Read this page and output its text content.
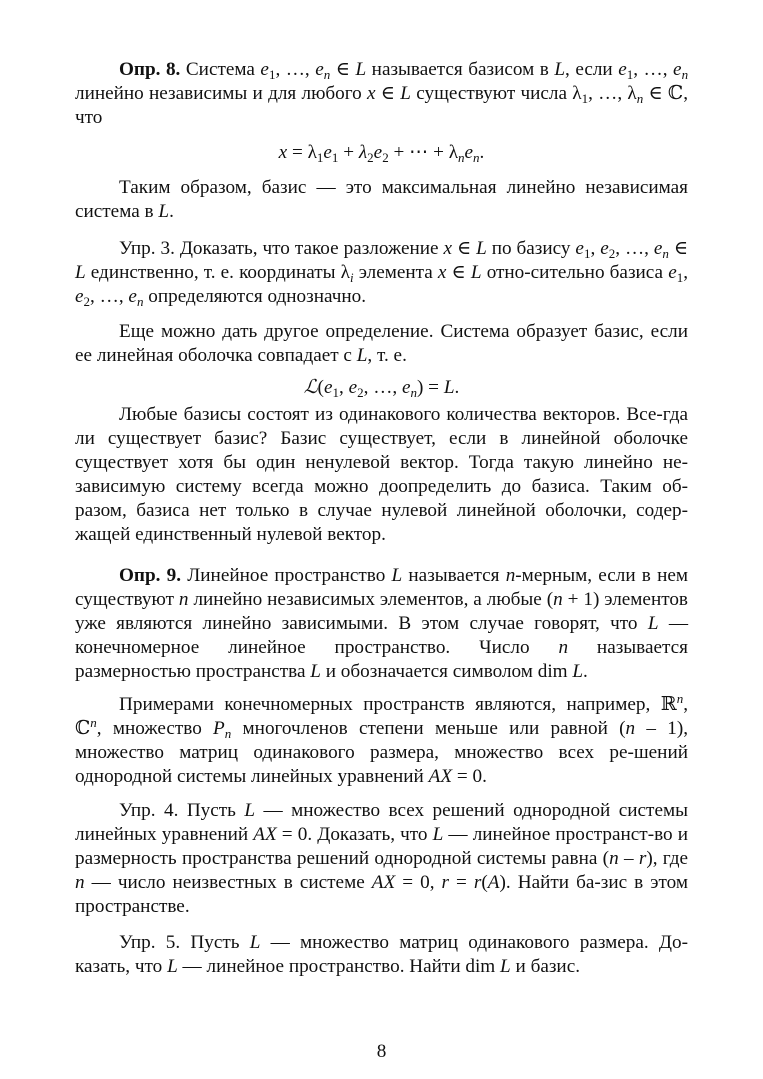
Опр. 8. Система $e_1$, …, $e_n$ ∈ L называется базисом в L, если $e_1$, …, $e_n$ линейно независимы и для любого x ∈ L существуют числа $\lambda_1$, …, $\lambda_n$ ∈ ℂ, что
$x = \lambda_1e_1 + \lambda_2e_2$ + ⋯ + $\lambda_ne_n$.
Таким образом, базис — это максимальная линейно независимая система в L.
Упр. 3. Доказать, что такое разложение x ∈ L по базису $e_1$, $e_2$, …, $e_n$ ∈ L единственно, т. е. координаты $\lambda_i$ элемента x ∈ L отно-сительно базиса $e_1$, $e_2$, …, $e_n$ определяются однозначно.
Еще можно дать другое определение. Система образует базис, если ее линейная оболочка совпадает с L, т. е.
$ℒ(e_1$, $e_2$, …, $e_n) = L$.
Любые базисы состоят из одинакового количества векторов. Все-гда ли существует базис? Базис существует, если в линейной оболочке существует хотя бы один ненулевой вектор. Тогда такую линейно не-зависимую систему всегда можно доопределить до базиса. Таким об-разом, базиса нет только в случае нулевой линейной оболочки, содер-жащей единственный нулевой вектор.
Опр. 9. Линейное пространство L называется n-мерным, если в нем существуют n линейно независимых элементов, а любые (n + 1) элементов уже являются линейно зависимыми. В этом случае говорят, что L — конечномерное линейное пространство. Число n называется размерностью пространства L и обозначается символом dim L.
Примерами конечномерных пространств являются, например, ℝ$^n$, ℂ$^n$, множество $P_n$ многочленов степени меньше или равной (n – 1), множество матриц одинакового размера, множество всех ре-шений однородной системы линейных уравнений AX = 0.
Упр. 4. Пусть L — множество всех решений однородной системы линейных уравнений AX = 0. Доказать, что L — линейное пространст-во и размерность пространства решений однородной системы равна (n – r), где n — число неизвестных в системе AX = 0, r = r(A). Найти ба-зис в этом пространстве.
Упр. 5. Пусть L — множество матриц одинакового размера. До-казать, что L — линейное пространство. Найти dim L и базис.
8
